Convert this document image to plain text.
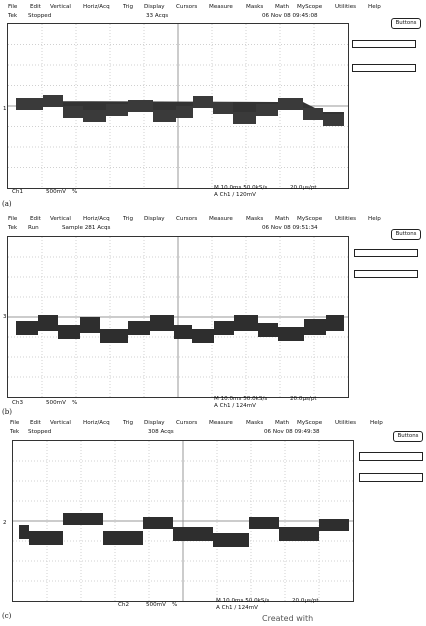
File Edit Vertical Horiz/Acq Trig Display Cursors Measure Masks Math MyScope Utilities Help
Tek Stopped	33 Acqs	06 Nov 08 09:45:08
Buttons
1
Ch1	500mV %
M 10.0ms 50.0kS/s
A Ch1 / 120mV
20.0μs/pt
(a)
File Edit Vertical Horiz/Acq Trig Display Cursors Measure Masks Math MyScope Utilities Help
Tek Run	Sample 281 Acqs	06 Nov 08 09:51:34
Buttons
3
Ch3	500mV %
M 10.0ms 50.0kS/s
A Ch1 / 124mV
20.0μs/pt
(b)
File Edit Vertical Horiz/Acq Trig Display Cursors Measure Masks Math MyScope Utilities Help
Tek Stopped	308 Acqs	06 Nov 08 09:49:38
Buttons
2
Ch2	500mV %
M 10.0ms 50.0kS/s
A Ch1 / 124mV
20.0μs/pt
(c)	Created with
